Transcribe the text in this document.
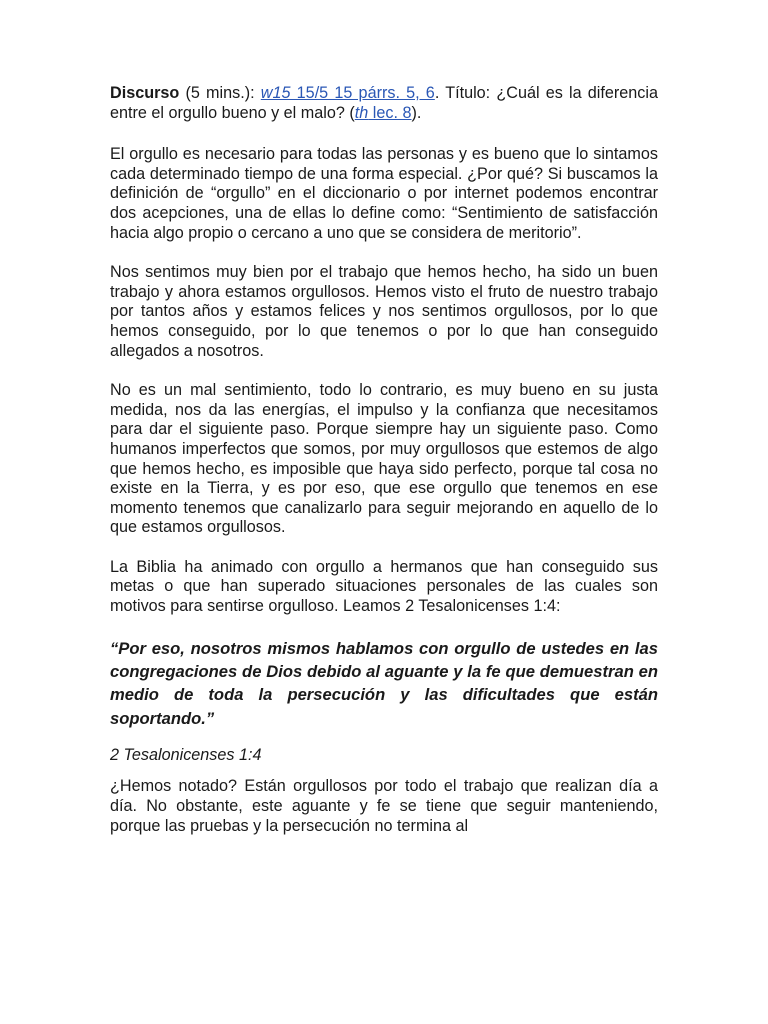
Discurso (5 mins.): w15 15/5 15 párrs. 5, 6. Título: ¿Cuál es la diferencia entre el orgullo bueno y el malo? (th lec. 8).

El orgullo es necesario para todas las personas y es bueno que lo sintamos cada determinado tiempo de una forma especial. ¿Por qué? Si buscamos la definición de “orgullo” en el diccionario o por internet podemos encontrar dos acepciones, una de ellas lo define como: “Sentimiento de satisfacción hacia algo propio o cercano a uno que se considera de meritorio”.

Nos sentimos muy bien por el trabajo que hemos hecho, ha sido un buen trabajo y ahora estamos orgullosos. Hemos visto el fruto de nuestro trabajo por tantos años y estamos felices y nos sentimos orgullosos, por lo que hemos conseguido, por lo que tenemos o por lo que han conseguido allegados a nosotros.

No es un mal sentimiento, todo lo contrario, es muy bueno en su justa medida, nos da las energías, el impulso y la confianza que necesitamos para dar el siguiente paso. Porque siempre hay un siguiente paso. Como humanos imperfectos que somos, por muy orgullosos que estemos de algo que hemos hecho, es imposible que haya sido perfecto, porque tal cosa no existe en la Tierra, y es por eso, que ese orgullo que tenemos en ese momento tenemos que canalizarlo para seguir mejorando en aquello de lo que estamos orgullosos.

La Biblia ha animado con orgullo a hermanos que han conseguido sus metas o que han superado situaciones personales de las cuales son motivos para sentirse orgulloso. Leamos 2 Tesalonicenses 1:4:

“Por eso, nosotros mismos hablamos con orgullo de ustedes en las congregaciones de Dios debido al aguante y la fe que demuestran en medio de toda la persecución y las dificultades que están soportando.”

2 Tesalonicenses 1:4

¿Hemos notado? Están orgullosos por todo el trabajo que realizan día a día. No obstante, este aguante y fe se tiene que seguir manteniendo, porque las pruebas y la persecución no termina al
